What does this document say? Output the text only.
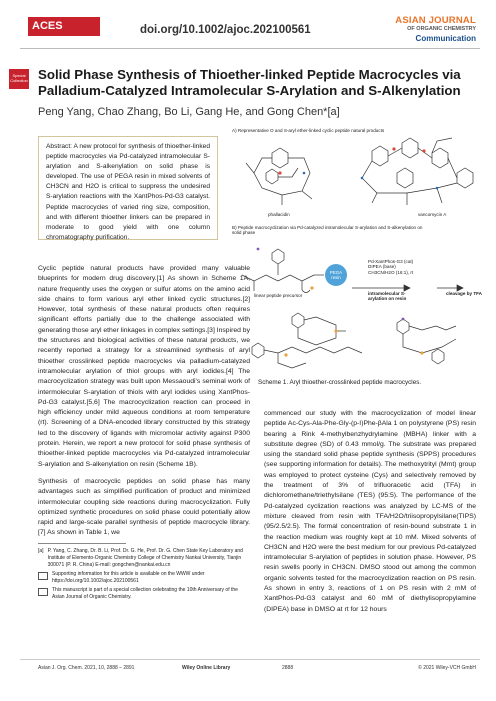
ACESAsian Chemical Editorial Society
doi.org/10.1002/ajoc.202100561
ASIAN JOURNAL
OF ORGANIC CHEMISTRY
Communication
Special Collection Solid Phase Synthesis of Thioether-linked Peptide Macrocycles via Palladium-Catalyzed Intramolecular S-Arylation and S-Alkenylation
Peng Yang, Chao Zhang, Bo Li, Gang He, and Gong Chen*[a]
Abstract: A new protocol for synthesis of thioether-linked peptide macrocycles via Pd-catalyzed intramolecular S-arylation and S-alkenylation on solid phase is developed. The use of PEGA resin in mixed solvents of CH3CN and H2O is critical to suppress the undesired S-arylation reactions with the XantPhos-Pd-G3 catalyst. Peptide macrocycles of varied ring size, composition, and with different thioether linkers can be prepared in moderate to good yield with one column chromatography purification.
A) Representative O and S-aryl ether-linked cyclic peptide natural products
phallacidin	vancomycin A
B) Peptide macrocyclization via Pd-catalyzed intramolecular S-arylation and S-alkenylation on solid phase
PEGA
resin
linear peptide precursor
Pd-XantPhos-G3 (cat)
DIPEA (base)
CH3CN/H2O (16:1), rt
intramolecular S-arylation on resin
cleavage by TFA
Scheme 1. Aryl thioether-crosslinked peptide macrocycles.
Cyclic peptide natural products have provided many valuable blueprints for modern drug discovery.[1] As shown in Scheme 1A, nature frequently uses the oxygen or sulfur atoms on the amino acid side chains to form various aryl ether linked cyclic structures.[2] However, total synthesis of these natural products often requires significant efforts partially due to the challenge associated with generating those aryl ether linkages in complex settings.[3] Inspired by the structures and biological activities of these natural products, we recently reported a strategy for a streamlined synthesis of aryl thioether crosslinked peptide macrocycles via palladium-catalyzed intramolecular arylation of thiol groups with aryl iodides.[4] The macrocyclization strategy was built upon Messaoudi's seminal work of intermolecular S-arylation of thiols with aryl iodides using XantPhos-Pd-G3 catalyst.[5,6] The macrocyclization reaction can proceed in high efficiency under mild aqueous conditions at room temperature (rt). Screening of a DNA-encoded library constructed by this strategy led to the discovery of ligands with micromolar activity against P300 protein. Herein, we report a new protocol for solid phase synthesis of thioether-linked peptide macrocycles via Pd-catalyzed intramolecular S-arylation and S-alkenylation on resin (Scheme 1B).
Synthesis of macrocyclic peptides on solid phase has many advantages such as simplified purification of product and minimized intermolecular coupling side reactions during macrocyclization. Fully optimized synthetic procedures on solid phase could potentially allow rapid and large-scale parallel synthesis of peptide macrocycle library.[7] As shown in Table 1, we
commenced our study with the macrocyclization of model linear peptide Ac-Cys-Ala-Phe-Gly-(p-I)Phe-βAla 1 on polystyrene (PS) resin bearing a Rink 4-methylbenzhydrylamine (MBHA) linker with a substitute degree (SD) of 0.43 mmol/g. The substrate was prepared using the standard solid phase peptide synthesis (SPPS) procedures (see supporting information for details). The methoxytrityl (Mmt) group was employed to protect cysteine (Cys) and selectively removed by the treatment of 3% of trifluoracetic acid (TFA) in dichloromethane/triethylsilane (TES) (95:5). The performance of the Pd-catalyzed cyclization reactions was analyzed by LC-MS of the mixture cleaved from resin with TFA/H2O/triisopropylsilane(TIPS)(95/2.5/2.5). The formal concentration of resin-bound substrate 1 in the reaction medium was roughly kept at 10 mM. Mixed solvents of CH3CN and H2O were the best medium for our previous Pd-catalyzed intramolecular S-arylation of peptides in solution phase. However, PS resin swells poorly in CH3CN. DMSO stood out among the common organic solvents tested for the macrocyclization reaction on PS resin. As shown in entry 3, reactions of 1 on PS resin with 2 mM of XantPhos-Pd-G3 catalyst and 60 mM of diethylisopropylamine (DIPEA) base in DMSO at rt for 12 hours
[a] P. Yang, C. Zhang, Dr. B. Li, Prof. Dr. G. He, Prof. Dr. G. Chen State Key Laboratory and Institute of Elemento-Organic Chemistry College of Chemistry Nankai University, Tianjin 300071 (P. R. China) E-mail: gongchen@nankai.edu.cn
Supporting information for this article is available on the WWW under https://doi.org/10.1002/ajoc.202100561
This manuscript is part of a special collection celebrating the 10th Anniversary of the Asian Journal of Organic Chemistry.
Asian J. Org. Chem. 2021, 10, 2888 – 2891	Wiley Online Library	2888	© 2021 Wiley-VCH GmbH
